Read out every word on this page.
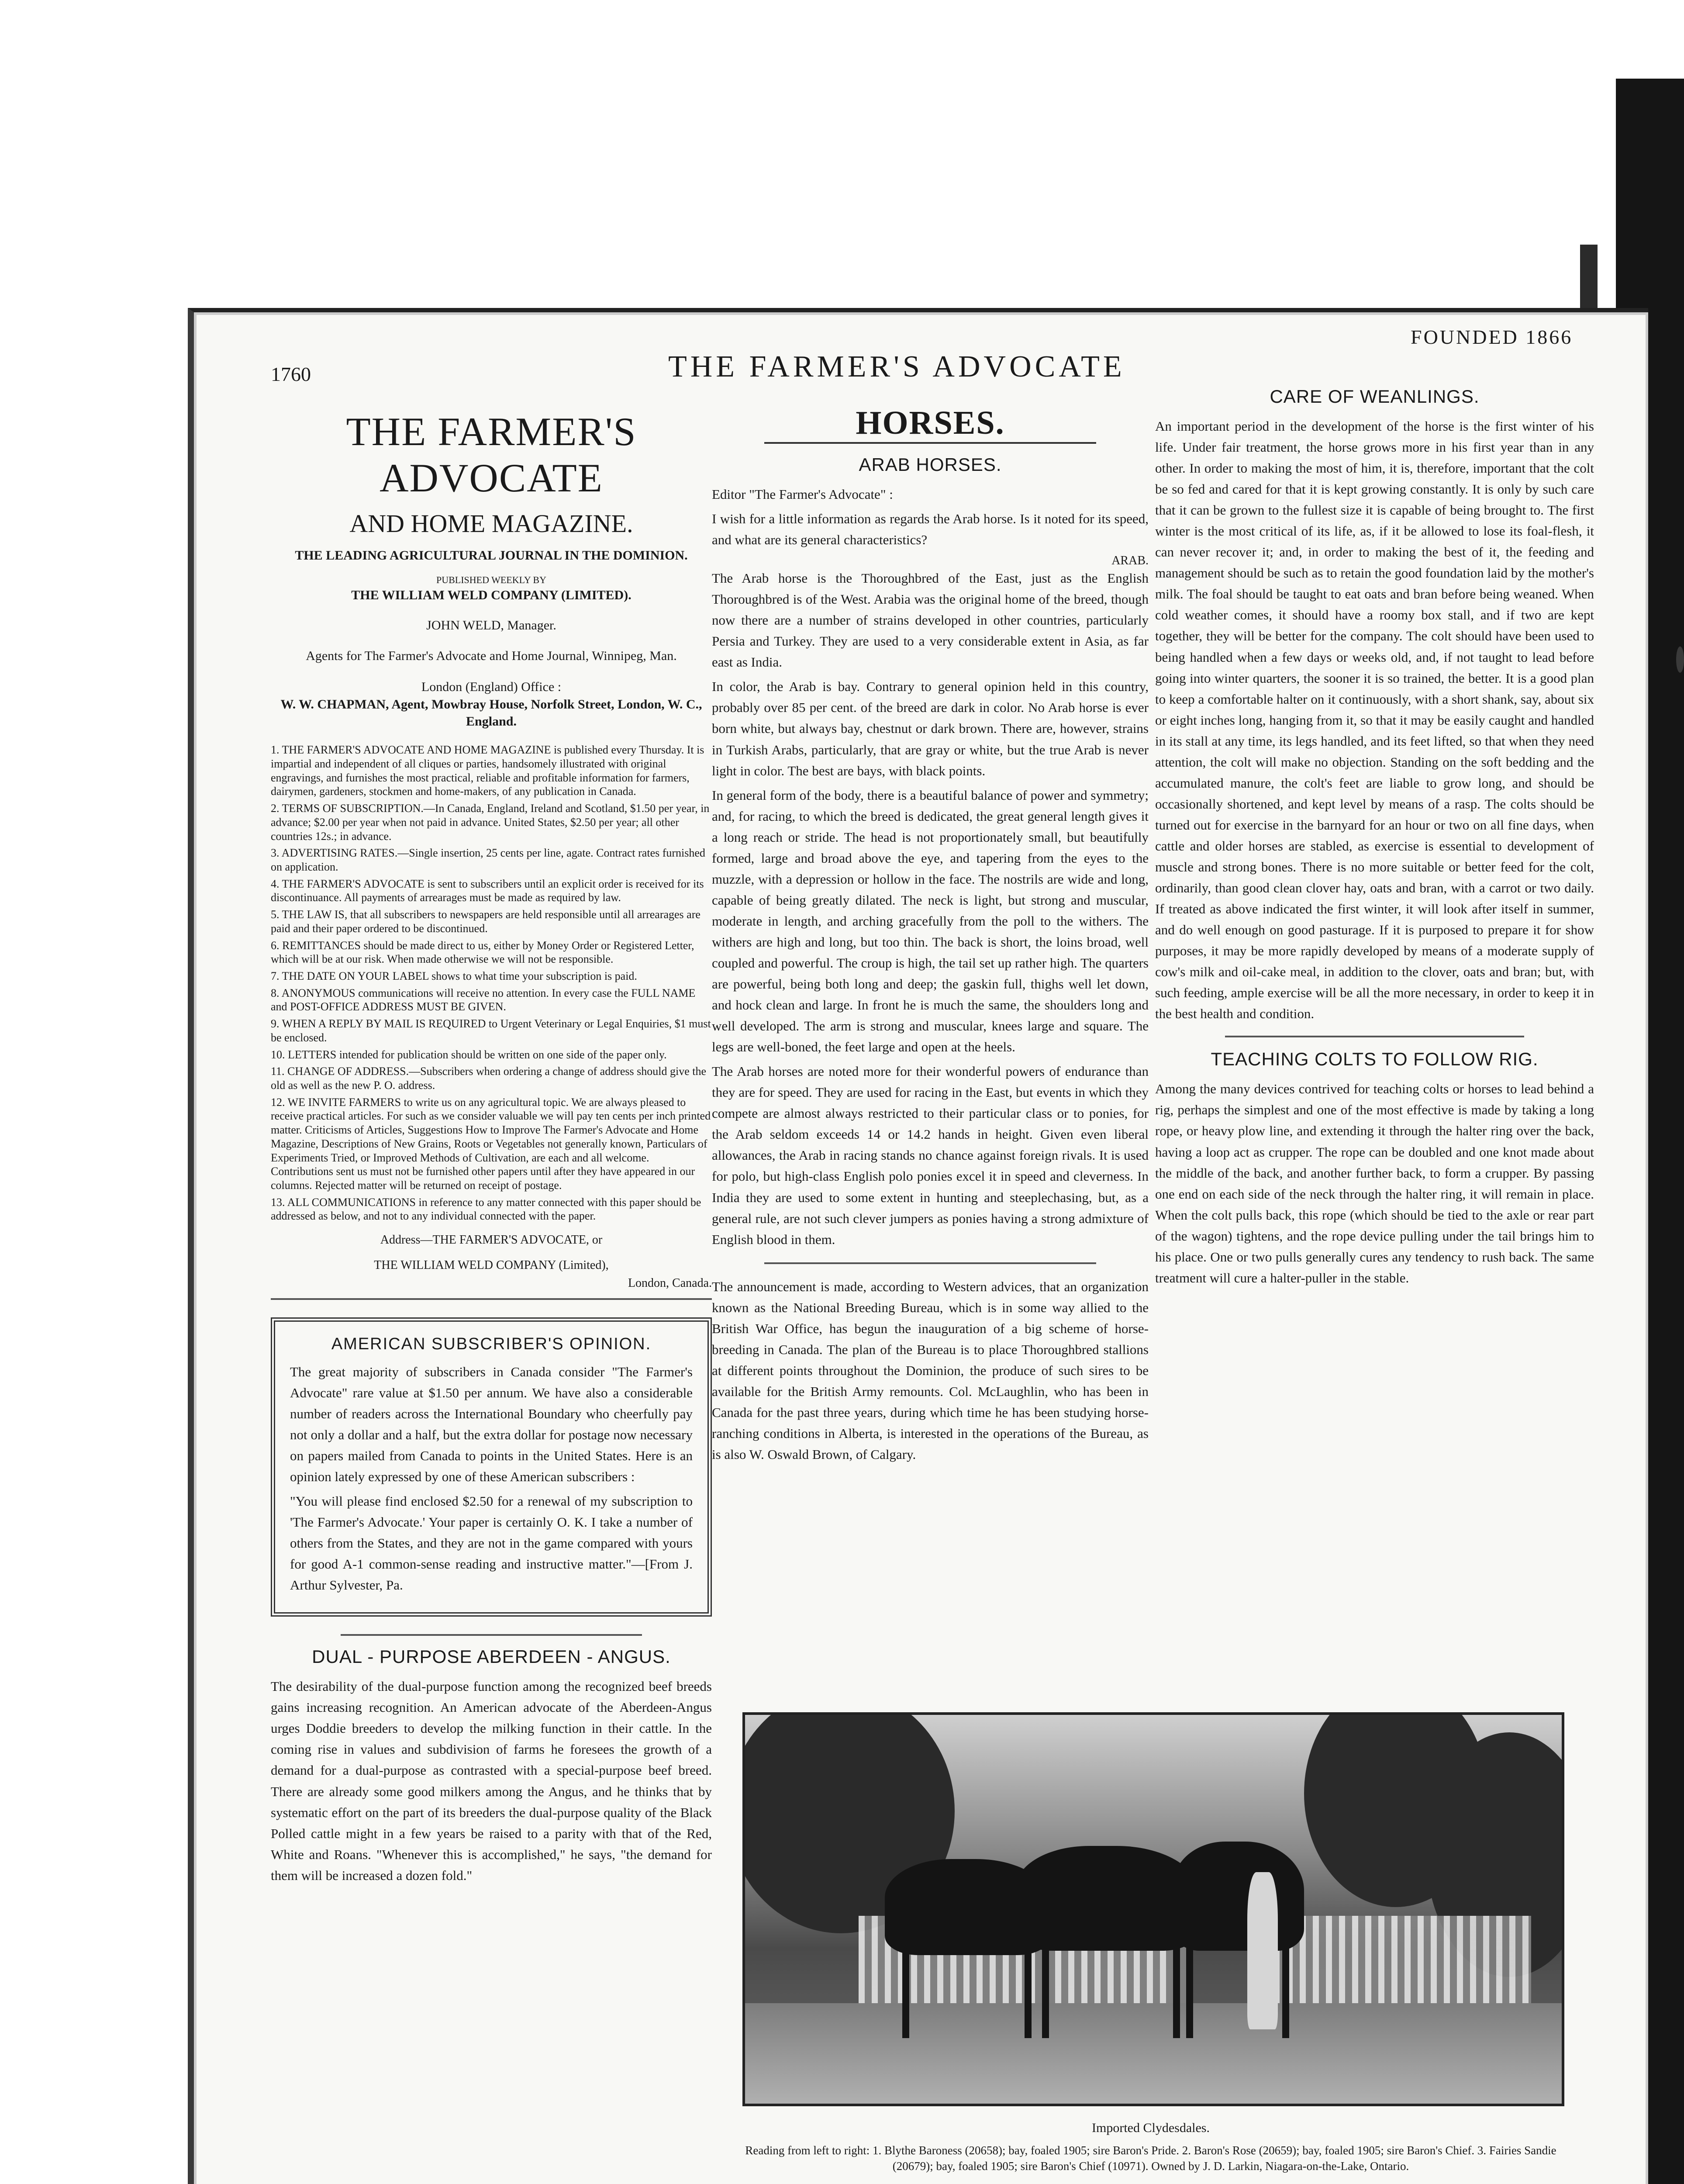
1760	THE FARMER'S ADVOCATE
FOUNDED 1866
THE FARMER'S ADVOCATE
AND HOME MAGAZINE.
THE LEADING AGRICULTURAL JOURNAL IN THE DOMINION.
PUBLISHED WEEKLY BY
THE WILLIAM WELD COMPANY (LIMITED).
JOHN WELD, Manager.
Agents for The Farmer's Advocate and Home Journal, Winnipeg, Man.
London (England) Office :
W. W. CHAPMAN, Agent, Mowbray House, Norfolk Street, London, W. C., England.
1. THE FARMER'S ADVOCATE AND HOME MAGAZINE is published every Thursday. It is impartial and independent of all cliques or parties, handsomely illustrated with original engravings, and furnishes the most practical, reliable and profitable information for farmers, dairymen, gardeners, stockmen and home-makers, of any publication in Canada.
2. TERMS OF SUBSCRIPTION.—In Canada, England, Ireland and Scotland, $1.50 per year, in advance; $2.00 per year when not paid in advance. United States, $2.50 per year; all other countries 12s.; in advance.
3. ADVERTISING RATES.—Single insertion, 25 cents per line, agate. Contract rates furnished on application.
4. THE FARMER'S ADVOCATE is sent to subscribers until an explicit order is received for its discontinuance. All payments of arrearages must be made as required by law.
5. THE LAW IS, that all subscribers to newspapers are held responsible until all arrearages are paid and their paper ordered to be discontinued.
6. REMITTANCES should be made direct to us, either by Money Order or Registered Letter, which will be at our risk. When made otherwise we will not be responsible.
7. THE DATE ON YOUR LABEL shows to what time your subscription is paid.
8. ANONYMOUS communications will receive no attention. In every case the FULL NAME and POST-OFFICE ADDRESS MUST BE GIVEN.
9. WHEN A REPLY BY MAIL IS REQUIRED to Urgent Veterinary or Legal Enquiries, $1 must be enclosed.
10. LETTERS intended for publication should be written on one side of the paper only.
11. CHANGE OF ADDRESS.—Subscribers when ordering a change of address should give the old as well as the new P. O. address.
12. WE INVITE FARMERS to write us on any agricultural topic. We are always pleased to receive practical articles. For such as we consider valuable we will pay ten cents per inch printed matter. Criticisms of Articles, Suggestions How to Improve The Farmer's Advocate and Home Magazine, Descriptions of New Grains, Roots or Vegetables not generally known, Particulars of Experiments Tried, or Improved Methods of Cultivation, are each and all welcome. Contributions sent us must not be furnished other papers until after they have appeared in our columns. Rejected matter will be returned on receipt of postage.
13. ALL COMMUNICATIONS in reference to any matter connected with this paper should be addressed as below, and not to any individual connected with the paper.
Address—THE FARMER'S ADVOCATE, or
THE WILLIAM WELD COMPANY (Limited),
London, Canada.
AMERICAN SUBSCRIBER'S OPINION.

The great majority of subscribers in Canada consider "The Farmer's Advocate" rare value at $1.50 per annum. We have also a considerable number of readers across the International Boundary who cheerfully pay not only a dollar and a half, but the extra dollar for postage now necessary on papers mailed from Canada to points in the United States. Here is an opinion lately expressed by one of these American subscribers :

"You will please find enclosed $2.50 for a renewal of my subscription to 'The Farmer's Advocate.' Your paper is certainly O. K. I take a number of others from the States, and they are not in the game compared with yours for good A-1 common-sense reading and instructive matter."—[From J. Arthur Sylvester, Pa.

DUAL - PURPOSE ABERDEEN - ANGUS.

The desirability of the dual-purpose function among the recognized beef breeds gains increasing recognition. An American advocate of the Aberdeen-Angus urges Doddie breeders to develop the milking function in their cattle. In the coming rise in values and subdivision of farms he foresees the growth of a demand for a dual-purpose as contrasted with a special-purpose beef breed. There are already some good milkers among the Angus, and he thinks that by systematic effort on the part of its breeders the dual-purpose quality of the Black Polled cattle might in a few years be raised to a parity with that of the Red, White and Roans. "Whenever this is accomplished," he says, "the demand for them will be increased a dozen fold."

HORSES.
ARAB HORSES.

Editor "The Farmer's Advocate" :

I wish for a little information as regards the Arab horse. Is it noted for its speed, and what are its general characteristics?

ARAB.

The Arab horse is the Thoroughbred of the East, just as the English Thoroughbred is of the West. Arabia was the original home of the breed, though now there are a number of strains developed in other countries, particularly Persia and Turkey. They are used to a very considerable extent in Asia, as far east as India.

In color, the Arab is bay. Contrary to general opinion held in this country, probably over 85 per cent. of the breed are dark in color. No Arab horse is ever born white, but always bay, chestnut or dark brown. There are, however, strains in Turkish Arabs, particularly, that are gray or white, but the true Arab is never light in color. The best are bays, with black points.

In general form of the body, there is a beautiful balance of power and symmetry; and, for racing, to which the breed is dedicated, the great general length gives it a long reach or stride. The head is not proportionately small, but beautifully formed, large and broad above the eye, and tapering from the eyes to the muzzle, with a depression or hollow in the face. The nostrils are wide and long, capable of being greatly dilated. The neck is light, but strong and muscular, moderate in length, and arching gracefully from the poll to the withers. The withers are high and long, but too thin. The back is short, the loins broad, well coupled and powerful. The croup is high, the tail set up rather high. The quarters are powerful, being both long and deep; the gaskin full, thighs well let down, and hock clean and large. In front he is much the same, the shoulders long and well developed. The arm is strong and muscular, knees large and square. The legs are well-boned, the feet large and open at the heels.

The Arab horses are noted more for their wonderful powers of endurance than they are for speed. They are used for racing in the East, but events in which they compete are almost always restricted to their particular class or to ponies, for the Arab seldom exceeds 14 or 14.2 hands in height. Given even liberal allowances, the Arab in racing stands no chance against foreign rivals. It is used for polo, but high-class English polo ponies excel it in speed and cleverness. In India they are used to some extent in hunting and steeplechasing, but, as a general rule, are not such clever jumpers as ponies having a strong admixture of English blood in them.

The announcement is made, according to Western advices, that an organization known as the National Breeding Bureau, which is in some way allied to the British War Office, has begun the inauguration of a big scheme of horse-breeding in Canada. The plan of the Bureau is to place Thoroughbred stallions at different points throughout the Dominion, the produce of such sires to be available for the British Army remounts. Col. McLaughlin, who has been in Canada for the past three years, during which time he has been studying horse-ranching conditions in Alberta, is interested in the operations of the Bureau, as is also W. Oswald Brown, of Calgary.

CARE OF WEANLINGS.

An important period in the development of the horse is the first winter of his life. Under fair treatment, the horse grows more in his first year than in any other. In order to making the most of him, it is, therefore, important that the colt be so fed and cared for that it is kept growing constantly. It is only by such care that it can be grown to the fullest size it is capable of being brought to. The first winter is the most critical of its life, as, if it be allowed to lose its foal-flesh, it can never recover it; and, in order to making the best of it, the feeding and management should be such as to retain the good foundation laid by the mother's milk. The foal should be taught to eat oats and bran before being weaned. When cold weather comes, it should have a roomy box stall, and if two are kept together, they will be better for the company. The colt should have been used to being handled when a few days or weeks old, and, if not taught to lead before going into winter quarters, the sooner it is so trained, the better. It is a good plan to keep a comfortable halter on it continuously, with a short shank, say, about six or eight inches long, hanging from it, so that it may be easily caught and handled in its stall at any time, its legs handled, and its feet lifted, so that when they need attention, the colt will make no objection. Standing on the soft bedding and the accumulated manure, the colt's feet are liable to grow long, and should be occasionally shortened, and kept level by means of a rasp. The colts should be turned out for exercise in the barnyard for an hour or two on all fine days, when cattle and older horses are stabled, as exercise is essential to development of muscle and strong bones. There is no more suitable or better feed for the colt, ordinarily, than good clean clover hay, oats and bran, with a carrot or two daily. If treated as above indicated the first winter, it will look after itself in summer, and do well enough on good pasturage. If it is purposed to prepare it for show purposes, it may be more rapidly developed by means of a moderate supply of cow's milk and oil-cake meal, in addition to the clover, oats and bran; but, with such feeding, ample exercise will be all the more necessary, in order to keep it in the best health and condition.

TEACHING COLTS TO FOLLOW RIG.

Among the many devices contrived for teaching colts or horses to lead behind a rig, perhaps the simplest and one of the most effective is made by taking a long rope, or heavy plow line, and extending it through the halter ring over the back, having a loop act as crupper. The rope can be doubled and one knot made about the middle of the back, and another further back, to form a crupper. By passing one end on each side of the neck through the halter ring, it will remain in place. When the colt pulls back, this rope (which should be tied to the axle or rear part of the wagon) tightens, and the rope device pulling under the tail brings him to his place. One or two pulls generally cures any tendency to rush back. The same treatment will cure a halter-puller in the stable.

Imported Clydesdales.
Reading from left to right: 1. Blythe Baroness (20658); bay, foaled 1905; sire Baron's Pride. 2. Baron's Rose (20659); bay, foaled 1905; sire Baron's Chief. 3. Fairies Sandie (20679); bay, foaled 1905; sire Baron's Chief (10971). Owned by J. D. Larkin, Niagara-on-the-Lake, Ontario.
